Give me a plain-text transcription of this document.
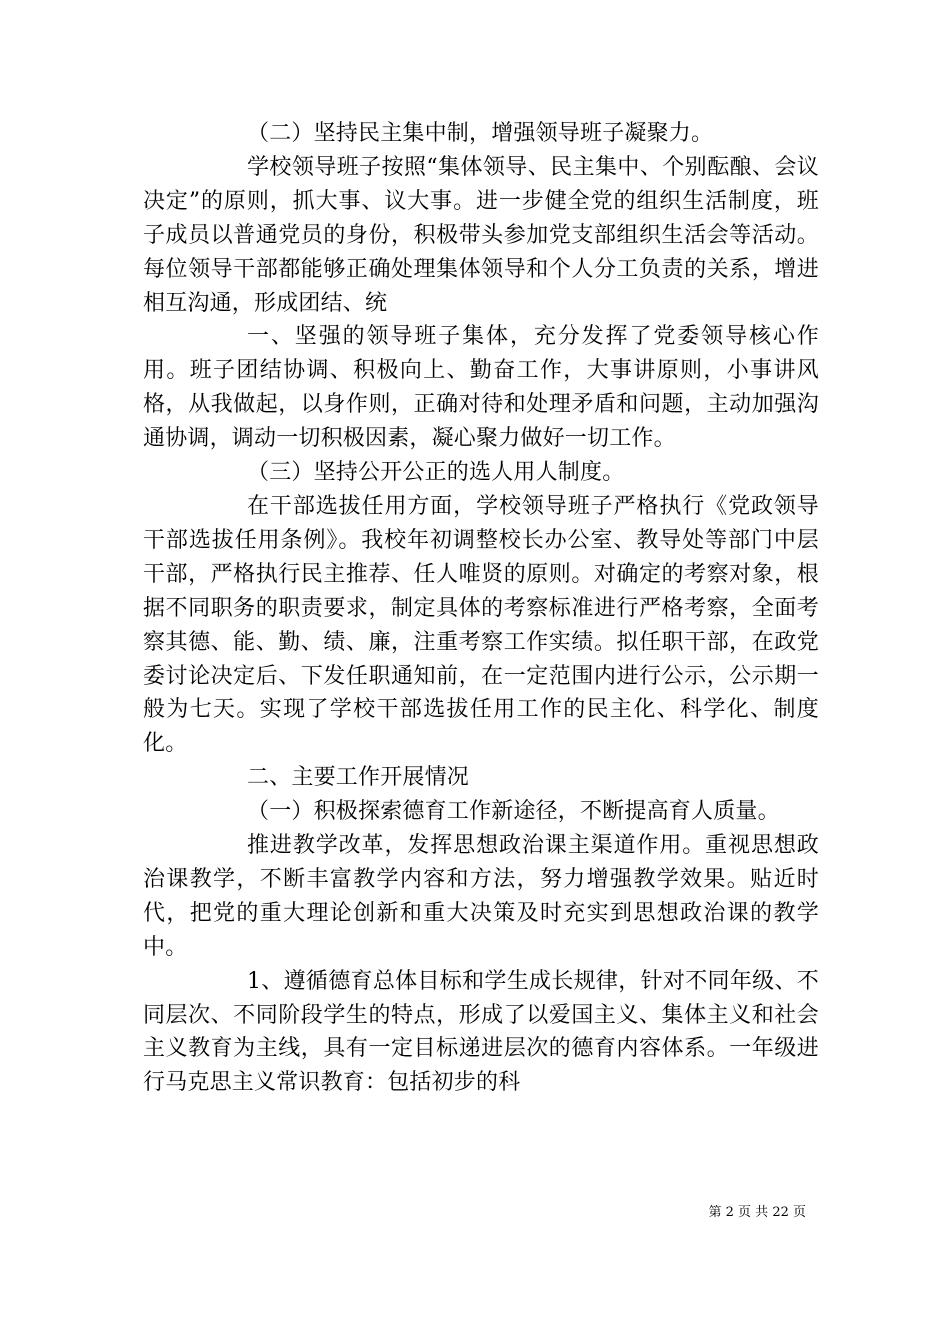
（二）坚持民主集中制，增强领导班子凝聚力。

学校领导班子按照“集体领导、民主集中、个别酝酿、会议决定”的原则，抓大事、议大事。进一步健全党的组织生活制度，班子成员以普通党员的身份，积极带头参加党支部组织生活会等活动。每位领导干部都能够正确处理集体领导和个人分工负责的关系，增进相互沟通，形成团结、统

一、坚强的领导班子集体，充分发挥了党委领导核心作用。班子团结协调、积极向上、勤奋工作，大事讲原则，小事讲风格，从我做起，以身作则，正确对待和处理矛盾和问题，主动加强沟通协调，调动一切积极因素，凝心聚力做好一切工作。

（三）坚持公开公正的选人用人制度。

在干部选拔任用方面，学校领导班子严格执行《党政领导干部选拔任用条例》。我校年初调整校长办公室、教导处等部门中层干部，严格执行民主推荐、任人唯贤的原则。对确定的考察对象，根据不同职务的职责要求，制定具体的考察标准进行严格考察，全面考察其德、能、勤、绩、廉，注重考察工作实绩。拟任职干部，在政党委讨论决定后、下发任职通知前，在一定范围内进行公示，公示期一般为七天。实现了学校干部选拔任用工作的民主化、科学化、制度化。

二、主要工作开展情况

（一）积极探索德育工作新途径，不断提高育人质量。

推进教学改革，发挥思想政治课主渠道作用。重视思想政治课教学，不断丰富教学内容和方法，努力增强教学效果。贴近时代，把党的重大理论创新和重大决策及时充实到思想政治课的教学中。

1、遵循德育总体目标和学生成长规律，针对不同年级、不同层次、不同阶段学生的特点，形成了以爱国主义、集体主义和社会主义教育为主线，具有一定目标递进层次的德育内容体系。一年级进行马克思主义常识教育：包括初步的科

第 2 页 共 22 页
